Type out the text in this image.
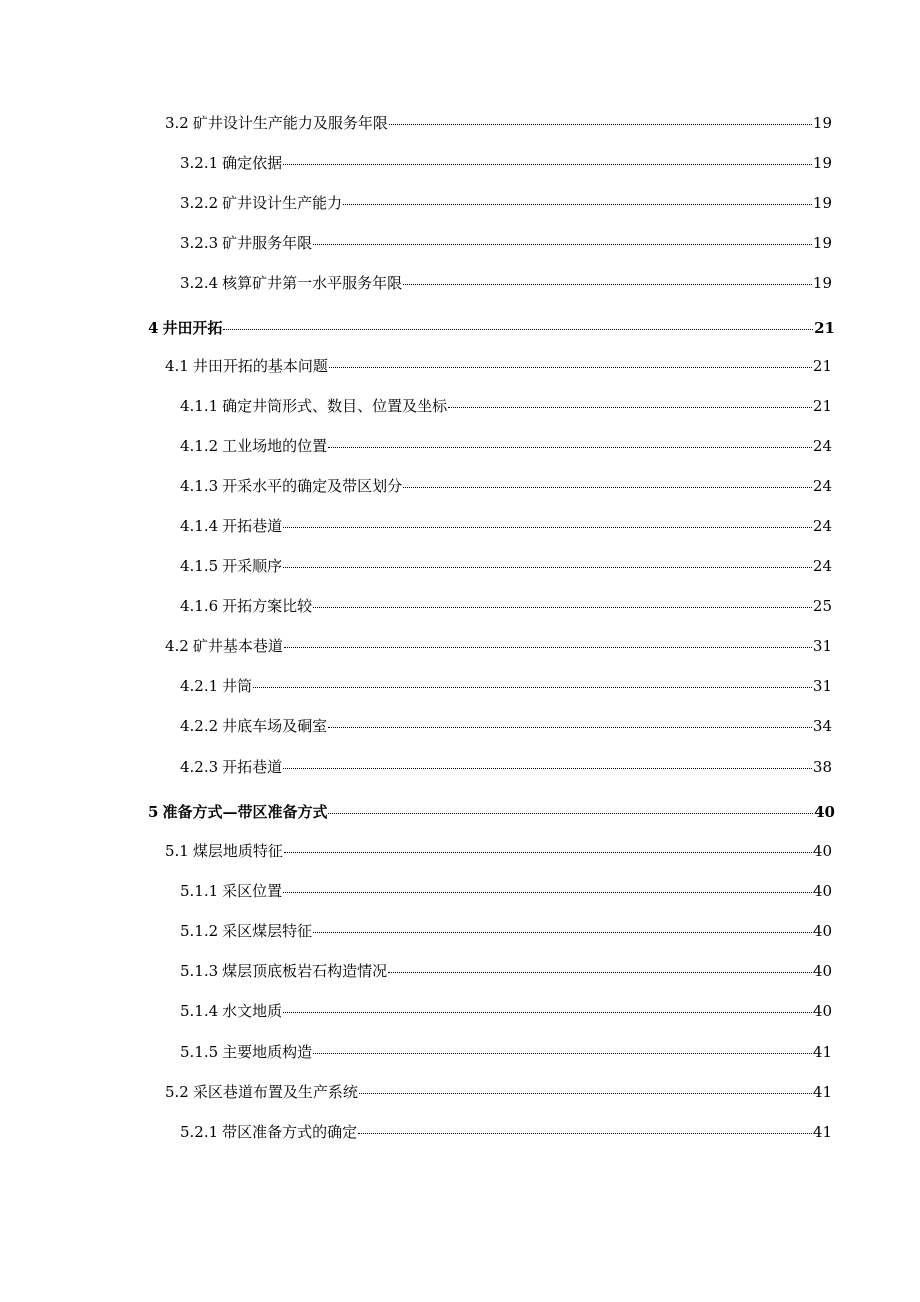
3.2 矿井设计生产能力及服务年限	19
3.2.1 确定依据	19
3.2.2 矿井设计生产能力	19
3.2.3 矿井服务年限	19
3.2.4 核算矿井第一水平服务年限	19
4 井田开拓	21
4.1 井田开拓的基本问题	21
4.1.1 确定井筒形式、数目、位置及坐标	21
4.1.2 工业场地的位置	24
4.1.3 开采水平的确定及带区划分	24
4.1.4 开拓巷道	24
4.1.5 开采顺序	24
4.1.6 开拓方案比较	25
4.2 矿井基本巷道	31
4.2.1 井筒	31
4.2.2 井底车场及硐室	34
4.2.3 开拓巷道	38
5 准备方式—带区准备方式	40
5.1 煤层地质特征	40
5.1.1 采区位置	40
5.1.2 采区煤层特征	40
5.1.3 煤层顶底板岩石构造情况	40
5.1.4 水文地质	40
5.1.5 主要地质构造	41
5.2 采区巷道布置及生产系统	41
5.2.1 带区准备方式的确定	41
